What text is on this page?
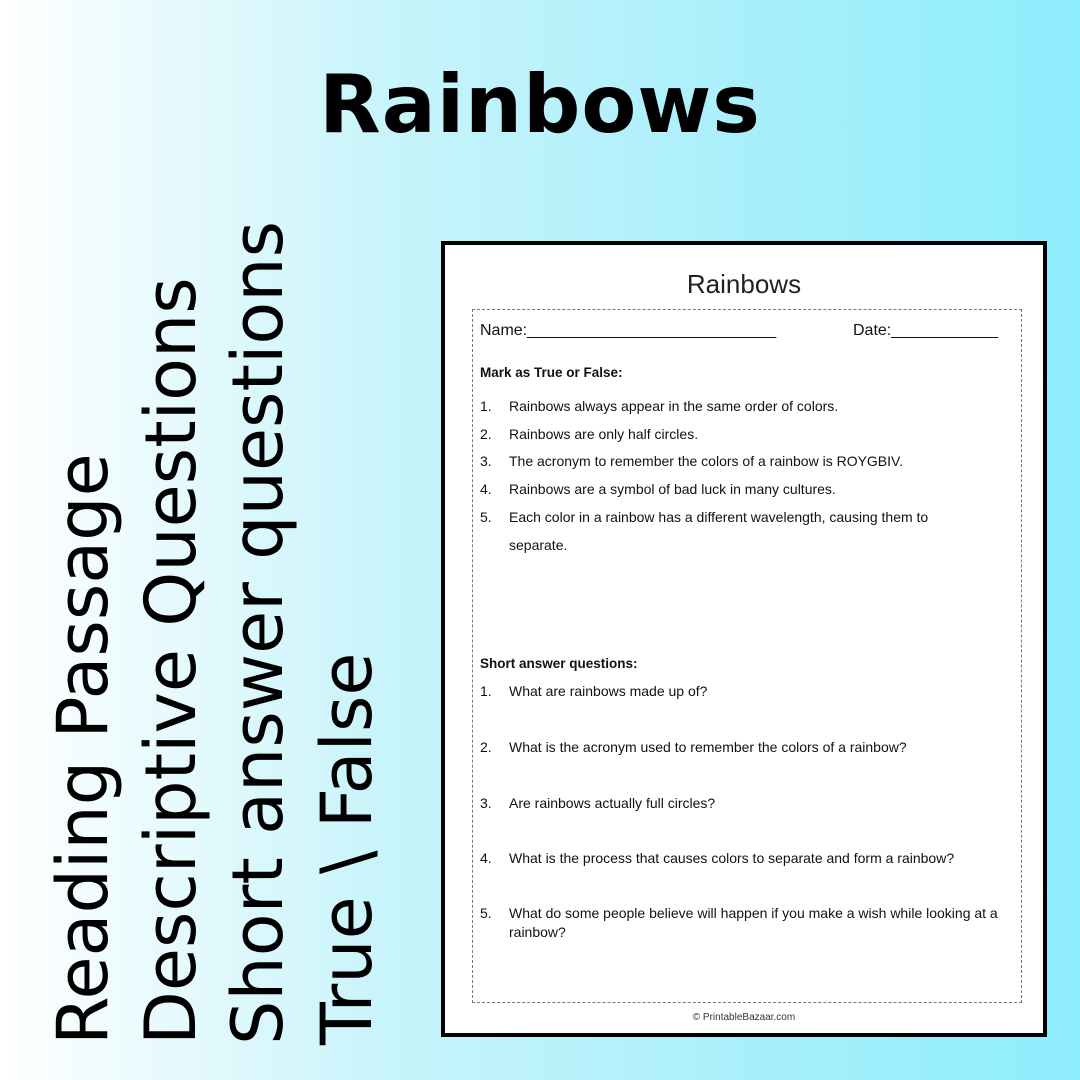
Rainbows
Reading Passage Descriptive Questions Short answer questions True \ False
Rainbows
Name:____________________________	Date:____________
Mark as True or False:
1. Rainbows always appear in the same order of colors.
2. Rainbows are only half circles.
3. The acronym to remember the colors of a rainbow is ROYGBIV.
4. Rainbows are a symbol of bad luck in many cultures.
5. Each color in a rainbow has a different wavelength, causing them to separate.
Short answer questions:
1. What are rainbows made up of?
2. What is the acronym used to remember the colors of a rainbow?
3. Are rainbows actually full circles?
4. What is the process that causes colors to separate and form a rainbow?
5. What do some people believe will happen if you make a wish while looking at a rainbow?
© PrintableBazaar.com
